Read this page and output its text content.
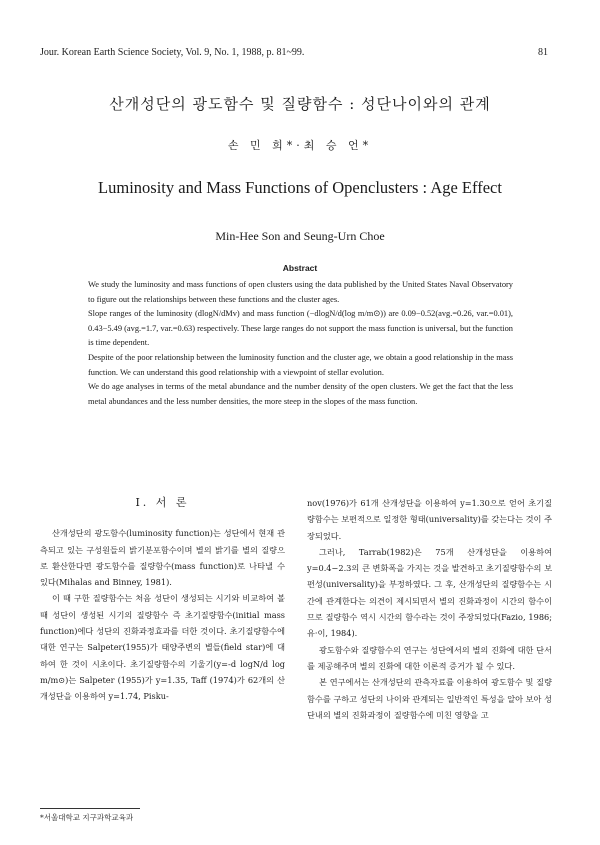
Jour. Korean Earth Science Society, Vol. 9, No. 1, 1988, p. 81~99.	81
산개성단의 광도함수 및 질량함수 : 성단나이와의 관계
손 민 희*·최 승 언*
Luminosity and Mass Functions of Openclusters : Age Effect
Min-Hee Son and Seung-Urn Choe
Abstract

We study the luminosity and mass functions of open clusters using the data published by the United States Naval Observatory to figure out the relationships between these functions and the cluster ages.

Slope ranges of the luminosity (dlogN/dMv) and mass function (−dlogN/d(log m/m⊙)) are 0.09−0.52(avg.=0.26, var.=0.01), 0.43−5.49 (avg.=1.7, var.=0.63) respectively. These large ranges do not support the mass function is universal, but the function is time dependent.

Despite of the poor relationship between the luminosity function and the cluster age, we obtain a good relationship in the mass function. We can understand this good relationship with a viewpoint of stellar evolution.

We do age analyses in terms of the metal abundance and the number density of the open clusters. We get the fact that the less metal abundances and the less number densities, the more steep in the slopes of the mass function.

I. 서 론

산개성단의 광도함수(luminosity function)는 성단에서 현재 관측되고 있는 구성원들의 밝기분포함수이며 별의 밝기를 별의 질량으로 환산한다면 광도함수를 질량함수(mass function)로 나타낼 수 있다(Mihalas and Binney, 1981).

이 때 구한 질량함수는 처음 성단이 생성되는 시기와 비교하여 볼 때 성단이 생성된 시기의 질량함수 즉 초기질량함수(initial mass function)에다 성단의 진화과정효과를 더한 것이다. 초기질량함수에 대한 연구는 Salpeter(1955)가 태양주변의 별들(field star)에 대하여 한 것이 시초이다. 초기질량함수의 기울기(y=-d logN/d log m/m⊙)는 Salpeter (1955)가 y=1.35, Taff (1974)가 62개의 산개성단을 이용하여 y=1.74, Pisku-

nov(1976)가 61개 산개성단을 이용하여 y=1.30으로 얻어 초기질량함수는 보편적으로 일정한 형태(universality)를 갖는다는 것이 주장되었다.

그러나, Tarrab(1982)은 75개 산개성단을 이용하여 y=0.4−2.3의 큰 변화폭을 가지는 것을 발견하고 초기질량함수의 보편성(universality)을 부정하였다. 그 후, 산개성단의 질량함수는 시간에 관계한다는 의견이 제시되면서 별의 진화과정이 시간의 함수이므로 질량함수 역시 시간의 함수라는 것이 주장되었다(Fazio, 1986; 유·이, 1984).

광도함수와 질량함수의 연구는 성단에서의 별의 진화에 대한 단서를 제공해주며 별의 진화에 대한 이론적 증거가 될 수 있다.

본 연구에서는 산개성단의 관측자료를 이용하여 광도함수 및 질량함수를 구하고 성단의 나이와 관계되는 일반적인 특성을 알아 보아 성단내의 별의 진화과정이 질량함수에 미친 영향을 고

*서울대학교 지구과학교육과
